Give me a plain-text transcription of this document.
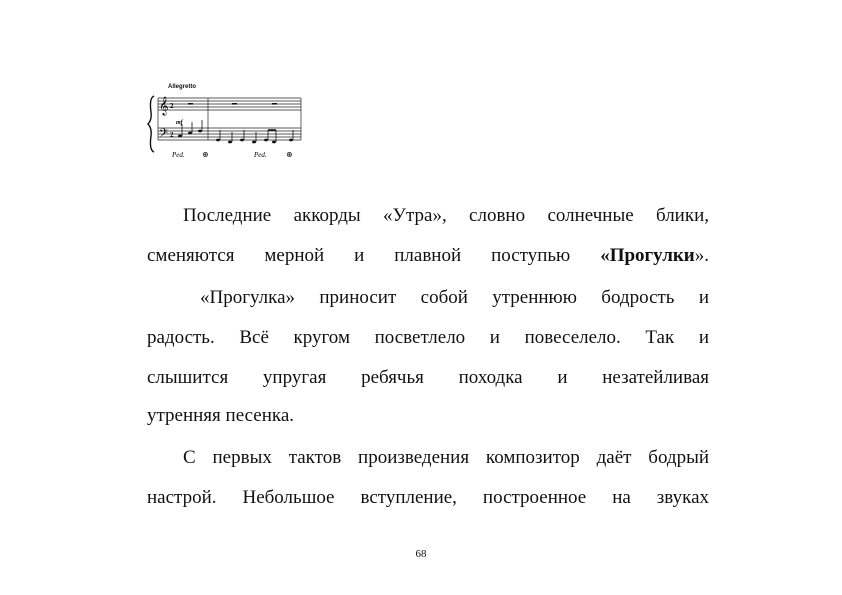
Allegretto
𝄞
𝄢
2
2
mf
Ped. ⊛	Ped. ⊛
Последние аккорды «Утра», словно солнечные блики,
сменяются мерной и плавной поступью «Прогулки».
«Прогулка» приносит собой утреннюю бодрость и
радость. Всё кругом посветлело и повеселело. Так и
слышится упругая ребячья походка и незатейливая
утренняя песенка.
С первых тактов произведения композитор даёт бодрый
настрой. Небольшое вступление, построенное на звуках
68
